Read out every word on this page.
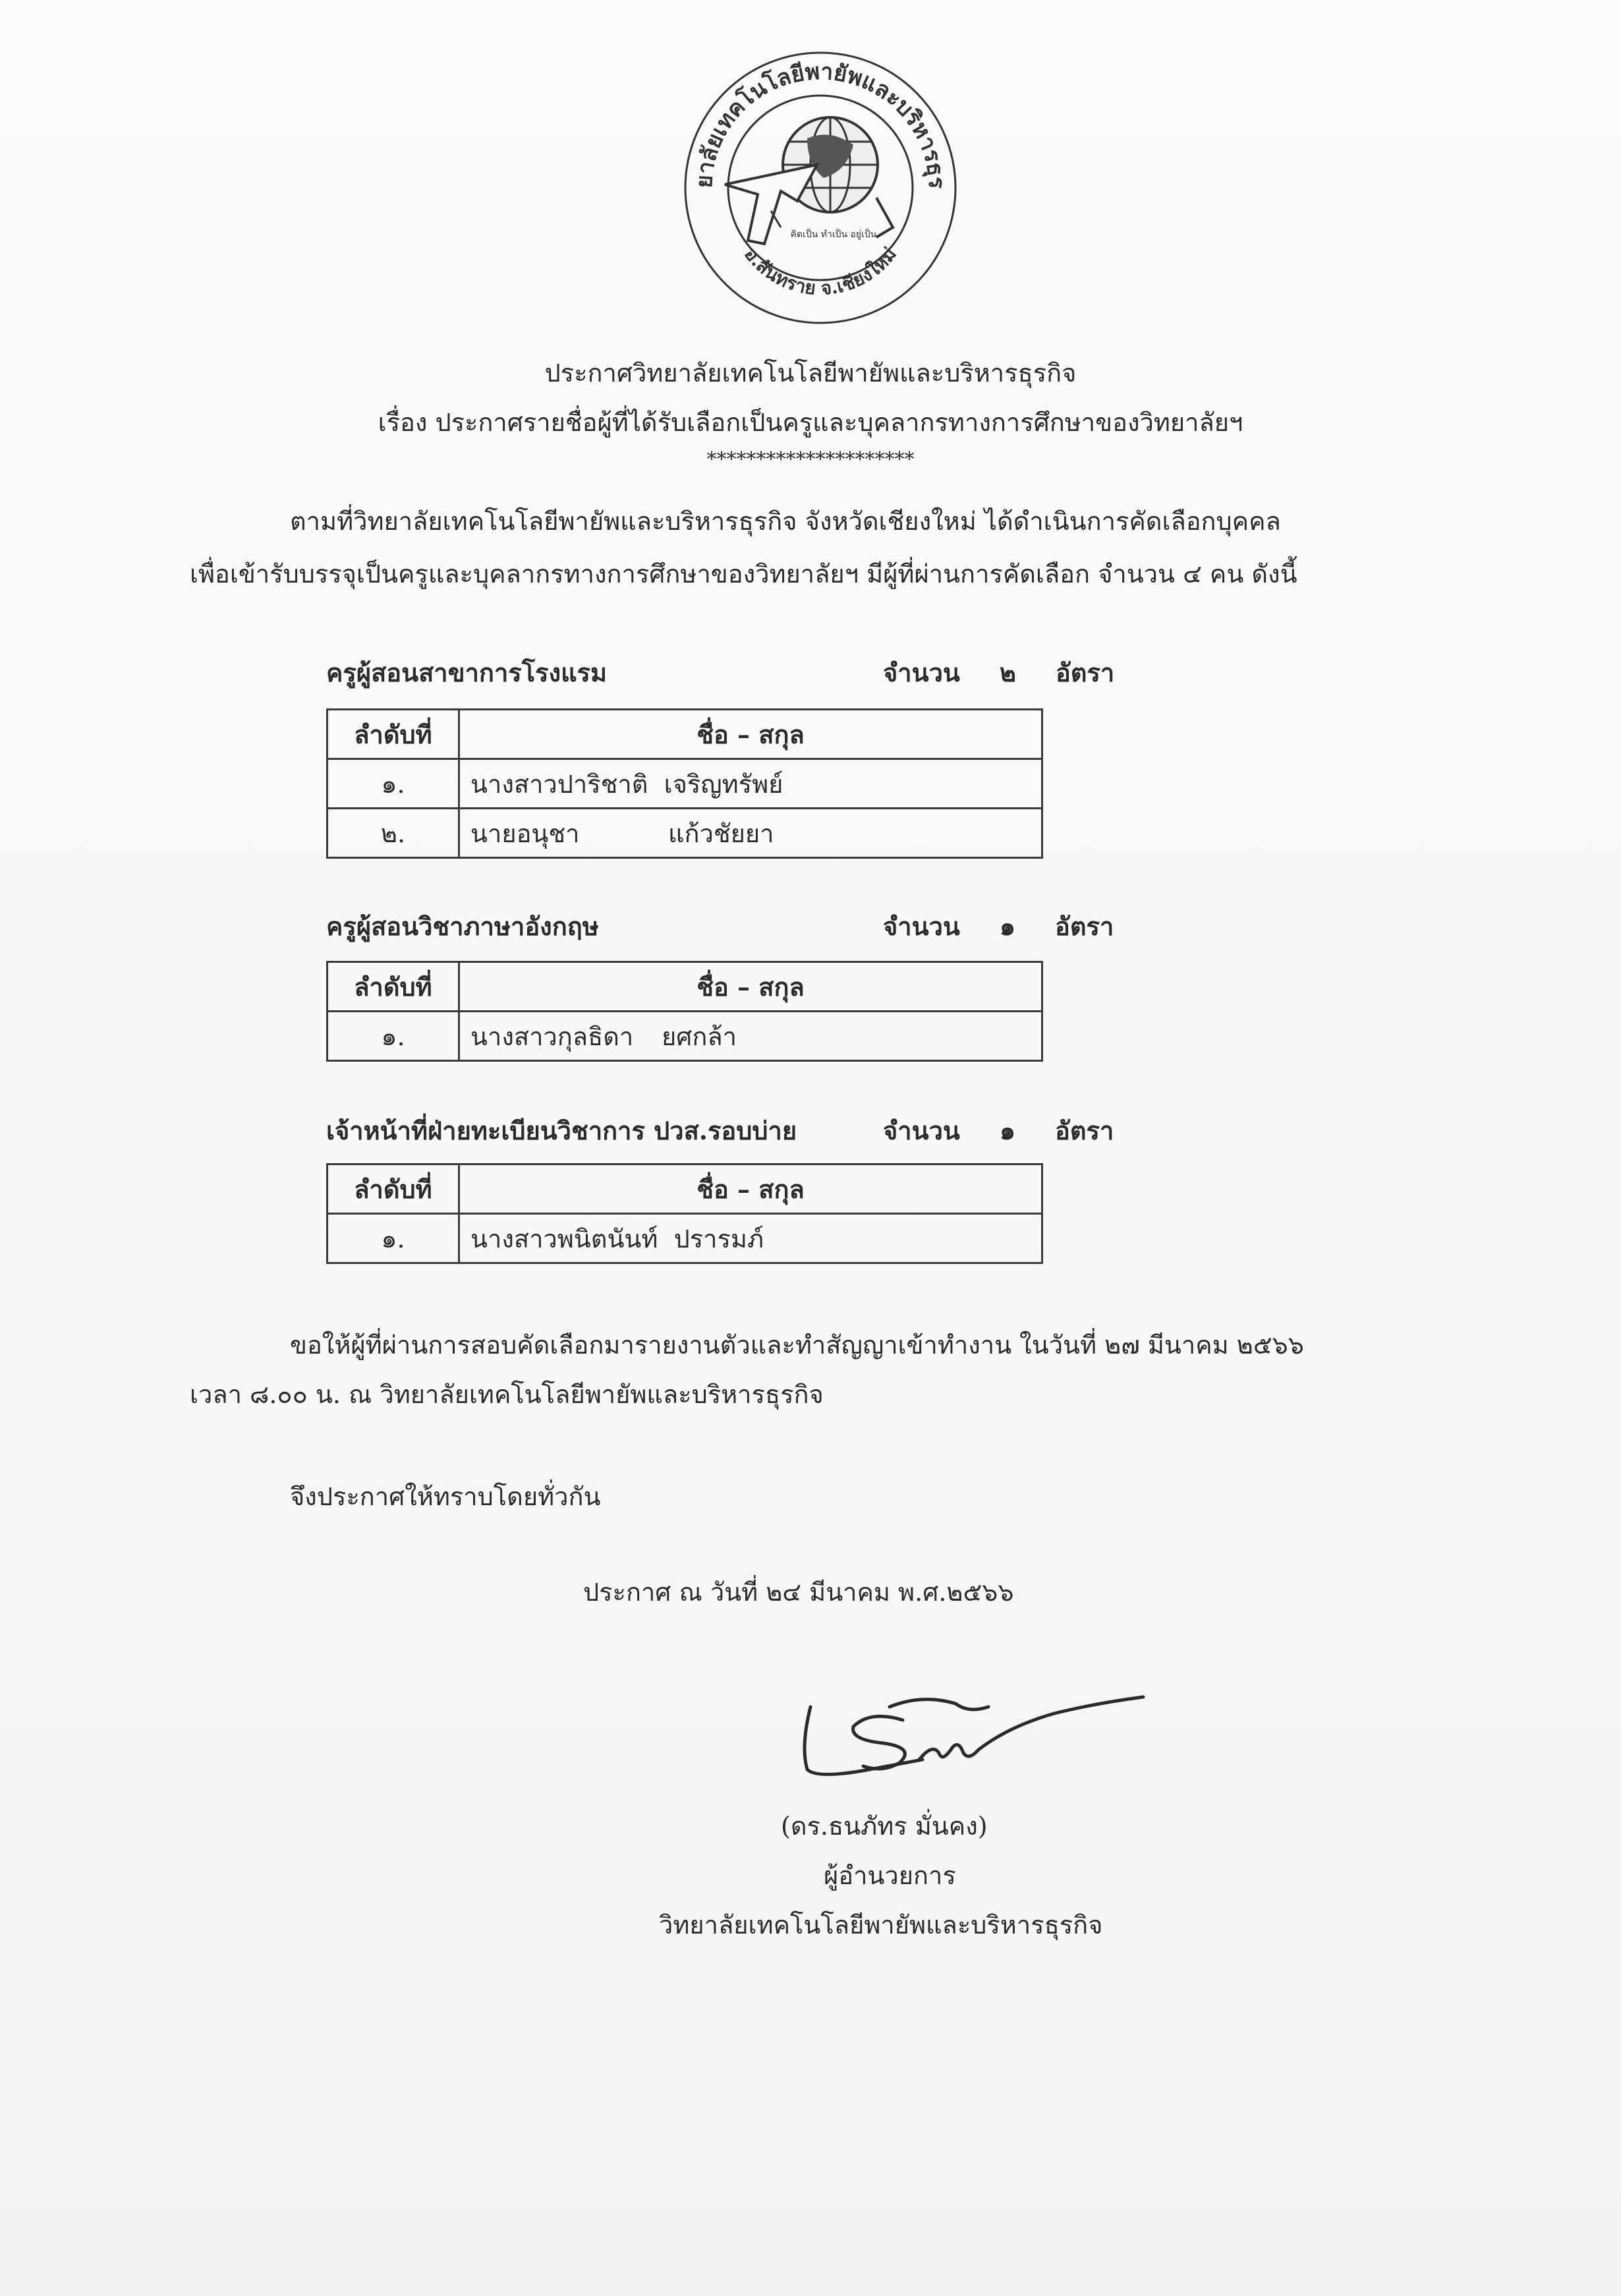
ยาลัยเทคโนโลยีพายัพและบริหารธุร
อ.สันทราย จ.เชียงใหม่
คิดเป็น ทำเป็น อยู่เป็น
ประกาศวิทยาลัยเทคโนโลยีพายัพและบริหารธุรกิจ
เรื่อง ประกาศรายชื่อผู้ที่ได้รับเลือกเป็นครูและบุคลากรทางการศึกษาของวิทยาลัยฯ
*********************
ตามที่วิทยาลัยเทคโนโลยีพายัพและบริหารธุรกิจ จังหวัดเชียงใหม่ ได้ดำเนินการคัดเลือกบุคคล
เพื่อเข้ารับบรรจุเป็นครูและบุคลากรทางการศึกษาของวิทยาลัยฯ มีผู้ที่ผ่านการคัดเลือก จำนวน ๔ คน ดังนี้
ครูผู้สอนสาขาการโรงแรม	จำนวน ๒ อัตรา
ลำดับที่	ชื่อ – สกุล
๑.	นางสาวปาริชาติ เจริญทรัพย์
๒.	นายอนุชา แก้วชัยยา
ครูผู้สอนวิชาภาษาอังกฤษ	จำนวน ๑ อัตรา
ลำดับที่	ชื่อ – สกุล
๑.	นางสาวกุลธิดา ยศกล้า
เจ้าหน้าที่ฝ่ายทะเบียนวิชาการ ปวส.รอบบ่าย	จำนวน ๑ อัตรา
ลำดับที่	ชื่อ – สกุล
๑.	นางสาวพนิตนันท์ ปรารมภ์
ขอให้ผู้ที่ผ่านการสอบคัดเลือกมารายงานตัวและทำสัญญาเข้าทำงาน ในวันที่ ๒๗ มีนาคม ๒๕๖๖
เวลา ๘.๐๐ น. ณ วิทยาลัยเทคโนโลยีพายัพและบริหารธุรกิจ
จึงประกาศให้ทราบโดยทั่วกัน
ประกาศ ณ วันที่ ๒๔ มีนาคม พ.ศ.๒๕๖๖
(ดร.ธนภัทร มั่นคง)
ผู้อำนวยการ
วิทยาลัยเทคโนโลยีพายัพและบริหารธุรกิจ
